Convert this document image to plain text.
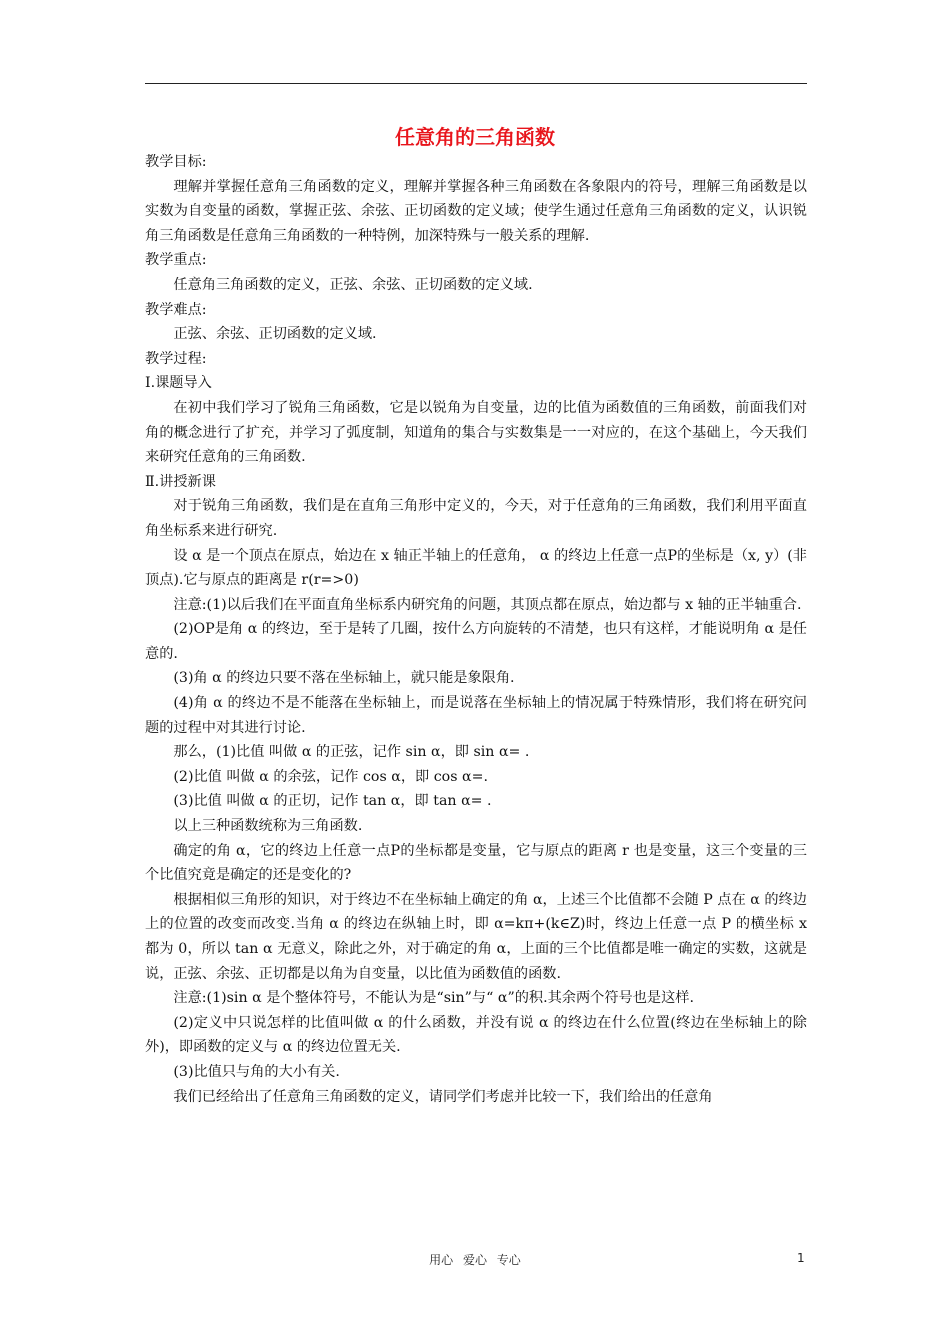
任意角的三角函数

教学目标:

理解并掌握任意角三角函数的定义，理解并掌握各种三角函数在各象限内的符号，理解三角函数是以实数为自变量的函数，掌握正弦、余弦、正切函数的定义域；使学生通过任意角三角函数的定义，认识锐角三角函数是任意角三角函数的一种特例，加深特殊与一般关系的理解.

教学重点:

任意角三角函数的定义，正弦、余弦、正切函数的定义域.

教学难点:

正弦、余弦、正切函数的定义域.

教学过程:

Ⅰ.课题导入

在初中我们学习了锐角三角函数，它是以锐角为自变量，边的比值为函数值的三角函数，前面我们对角的概念进行了扩充，并学习了弧度制，知道角的集合与实数集是一一对应的，在这个基础上，今天我们来研究任意角的三角函数.

Ⅱ.讲授新课

对于锐角三角函数，我们是在直角三角形中定义的，今天，对于任意角的三角函数，我们利用平面直角坐标系来进行研究.

设 α 是一个顶点在原点，始边在 x 轴正半轴上的任意角， α 的终边上任意一点P的坐标是（x, y）(非顶点).它与原点的距离是 r(r=>0)

注意:(1)以后我们在平面直角坐标系内研究角的问题，其顶点都在原点，始边都与 x 轴的正半轴重合.

(2)OP是角 α 的终边，至于是转了几圈，按什么方向旋转的不清楚，也只有这样，才能说明角 α 是任意的.

(3)角 α 的终边只要不落在坐标轴上，就只能是象限角.

(4)角 α 的终边不是不能落在坐标轴上，而是说落在坐标轴上的情况属于特殊情形，我们将在研究问题的过程中对其进行讨论.

那么，(1)比值 叫做 α 的正弦，记作 sin α，即 sin α= .

(2)比值 叫做 α 的余弦，记作 cos α，即 cos α=.

(3)比值 叫做 α 的正切，记作 tan α，即 tan α= .

以上三种函数统称为三角函数.

确定的角 α，它的终边上任意一点P的坐标都是变量，它与原点的距离 r 也是变量，这三个变量的三个比值究竟是确定的还是变化的?

根据相似三角形的知识，对于终边不在坐标轴上确定的角 α，上述三个比值都不会随 P 点在 α 的终边上的位置的改变而改变.当角 α 的终边在纵轴上时，即 α=kπ+(k∈Z)时，终边上任意一点 P 的横坐标 x 都为 0，所以 tan α 无意义，除此之外，对于确定的角 α，上面的三个比值都是唯一确定的实数，这就是说，正弦、余弦、正切都是以角为自变量，以比值为函数值的函数.

注意:(1)sin α 是个整体符号，不能认为是“sin”与“ α”的积.其余两个符号也是这样.

(2)定义中只说怎样的比值叫做 α 的什么函数，并没有说 α 的终边在什么位置(终边在坐标轴上的除外)，即函数的定义与 α 的终边位置无关.

(3)比值只与角的大小有关.

我们已经给出了任意角三角函数的定义，请同学们考虑并比较一下，我们给出的任意角

用心 爱心 专心	1
